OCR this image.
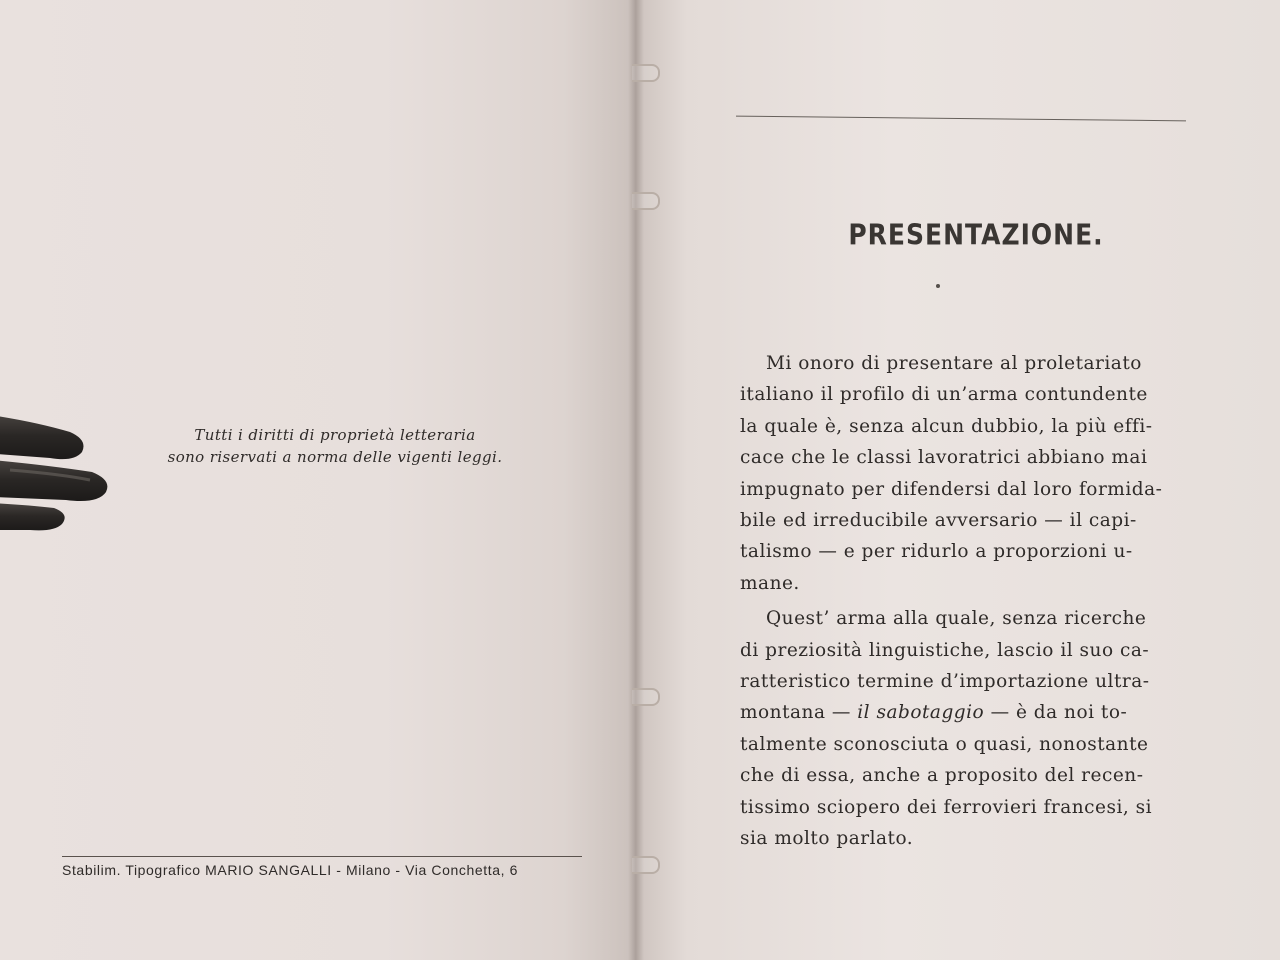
Tutti i diritti di proprietà letteraria
sono riservati a norma delle vigenti leggi.
Stabilim. Tipografico MARIO SANGALLI - Milano - Via Conchetta, 6
PRESENTAZIONE.
Mi onoro di presentare al proletariato
italiano il profilo di un’arma contundente
la quale è, senza alcun dubbio, la più effi-
cace che le classi lavoratrici abbiano mai
impugnato per difendersi dal loro formida-
bile ed irreducibile avversario — il capi-
talismo — e per ridurlo a proporzioni u-
mane.
Quest’ arma alla quale, senza ricerche
di preziosità linguistiche, lascio il suo ca-
ratteristico termine d’importazione ultra-
montana — il sabotaggio — è da noi to-
talmente sconosciuta o quasi, nonostante
che di essa, anche a proposito del recen-
tissimo sciopero dei ferrovieri francesi, si
sia molto parlato.
